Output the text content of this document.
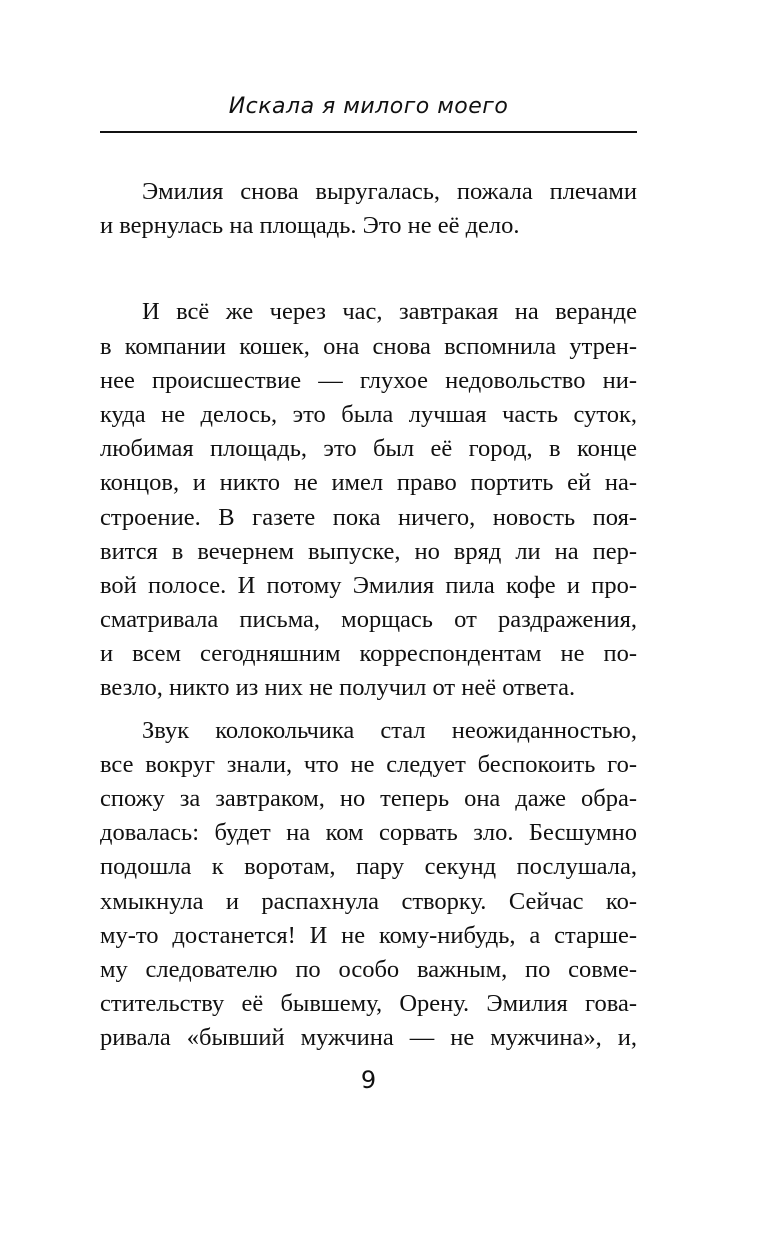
Искала я милого моего
Эмилия снова выругалась, пожала плечами
и вернулась на площадь. Это не её дело.
И всё же через час, завтракая на веранде
в компании кошек, она снова вспомнила утрен-
нее происшествие — глухое недовольство ни-
куда не делось, это была лучшая часть суток,
любимая площадь, это был её город, в конце
концов, и никто не имел право портить ей на-
строение. В газете пока ничего, новость поя-
вится в вечернем выпуске, но вряд ли на пер-
вой полосе. И потому Эмилия пила кофе и про-
сматривала письма, морщась от раздражения,
и всем сегодняшним корреспондентам не по-
везло, никто из них не получил от неё ответа.
Звук колокольчика стал неожиданностью,
все вокруг знали, что не следует беспокоить го-
спожу за завтраком, но теперь она даже обра-
довалась: будет на ком сорвать зло. Бесшумно
подошла к воротам, пару секунд послушала,
хмыкнула и распахнула створку. Сейчас ко-
му-то достанется! И не кому-нибудь, а старше-
му следователю по особо важным, по совме-
стительству её бывшему, Орену. Эмилия гова-
ривала «бывший мужчина — не мужчина», и,
9
